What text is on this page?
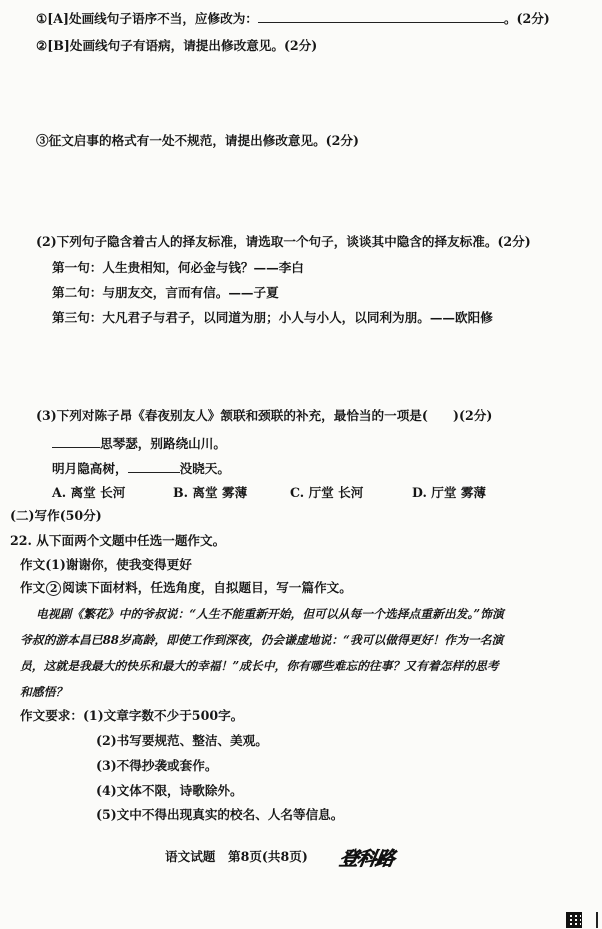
①[A]处画线句子语序不当，应修改为：	。(2分)
②[B]处画线句子有语病，请提出修改意见。(2分)
③征文启事的格式有一处不规范，请提出修改意见。(2分)
(2)下列句子隐含着古人的择友标准，请选取一个句子，谈谈其中隐含的择友标准。(2分)
第一句：人生贵相知，何必金与钱？——李白
第二句：与朋友交，言而有信。——子夏
第三句：大凡君子与君子，以同道为朋；小人与小人，以同利为朋。——欧阳修
(3)下列对陈子昂《春夜别友人》颔联和颈联的补充，最恰当的一项是(　　)(2分)
思琴瑟，别路绕山川。
明月隐高树，	没晓天。
A. 离堂 长河	B. 离堂 雾薄	C. 厅堂 长河	D. 厅堂 雾薄
(二)写作(50分)
22. 从下面两个文题中任选一题作文。
作文(1)谢谢你，使我变得更好
作文 2 阅读下面材料，任选角度，自拟题目，写一篇作文。
电视剧《繁花》中的爷叔说：“人生不能重新开始，但可以从每一个选择点重新出发。”饰演
爷叔的游本昌已88岁高龄，即使工作到深夜，仍会谦虚地说：“我可以做得更好！作为一名演
员，这就是我最大的快乐和最大的幸福！”成长中，你有哪些难忘的往事？又有着怎样的思考
和感悟？
作文要求：(1)文章字数不少于500字。
(2)书写要规范、整洁、美观。
(3)不得抄袭或套作。
(4)文体不限，诗歌除外。
(5)文中不得出现真实的校名、人名等信息。
语文试题　第8页(共8页) 登科路
